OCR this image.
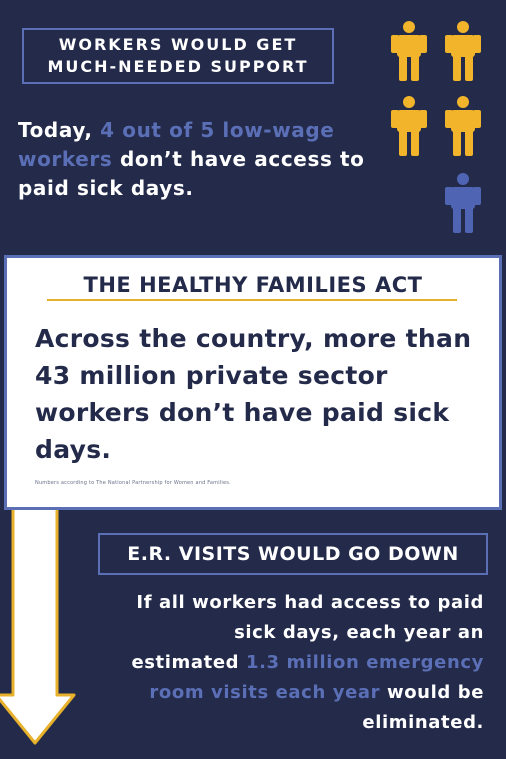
WORKERS WOULD GET
MUCH-NEEDED SUPPORT
Today, 4 out of 5 low-wage workers don’t have access to paid sick days.
THE HEALTHY FAMILIES ACT
Across the country, more than 43 million private sector workers don’t have paid sick days.
Numbers according to The National Partnership for Women and Families.
E.R. VISITS WOULD GO DOWN
If all workers had access to paid sick days, each year an estimated 1.3 million emergency room visits each year would be eliminated.
